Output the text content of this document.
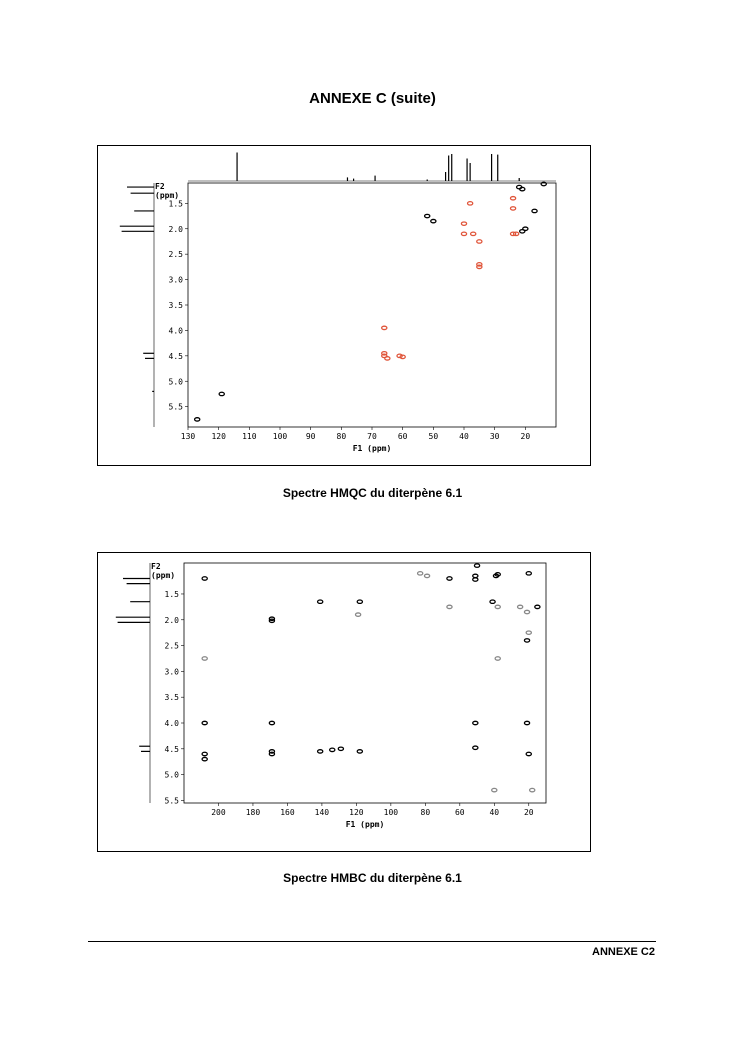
ANNEXE C (suite)
130 120 110 100 90	80	70	60	50	40	30	20
1.5
2.0
2.5
3.0
3.5
4.0
4.5
5.0
5.5
F1 (ppm)
F2 (ppm)
Spectre HMQC du diterpène 6.1
200	180	160	140	120	100	80	60	40	20
1.5
2.0
2.5
3.0
3.5
4.0
4.5
5.0
5.5
F1 (ppm)
F2 (ppm)
Spectre HMBC du diterpène 6.1
ANNEXE C2
